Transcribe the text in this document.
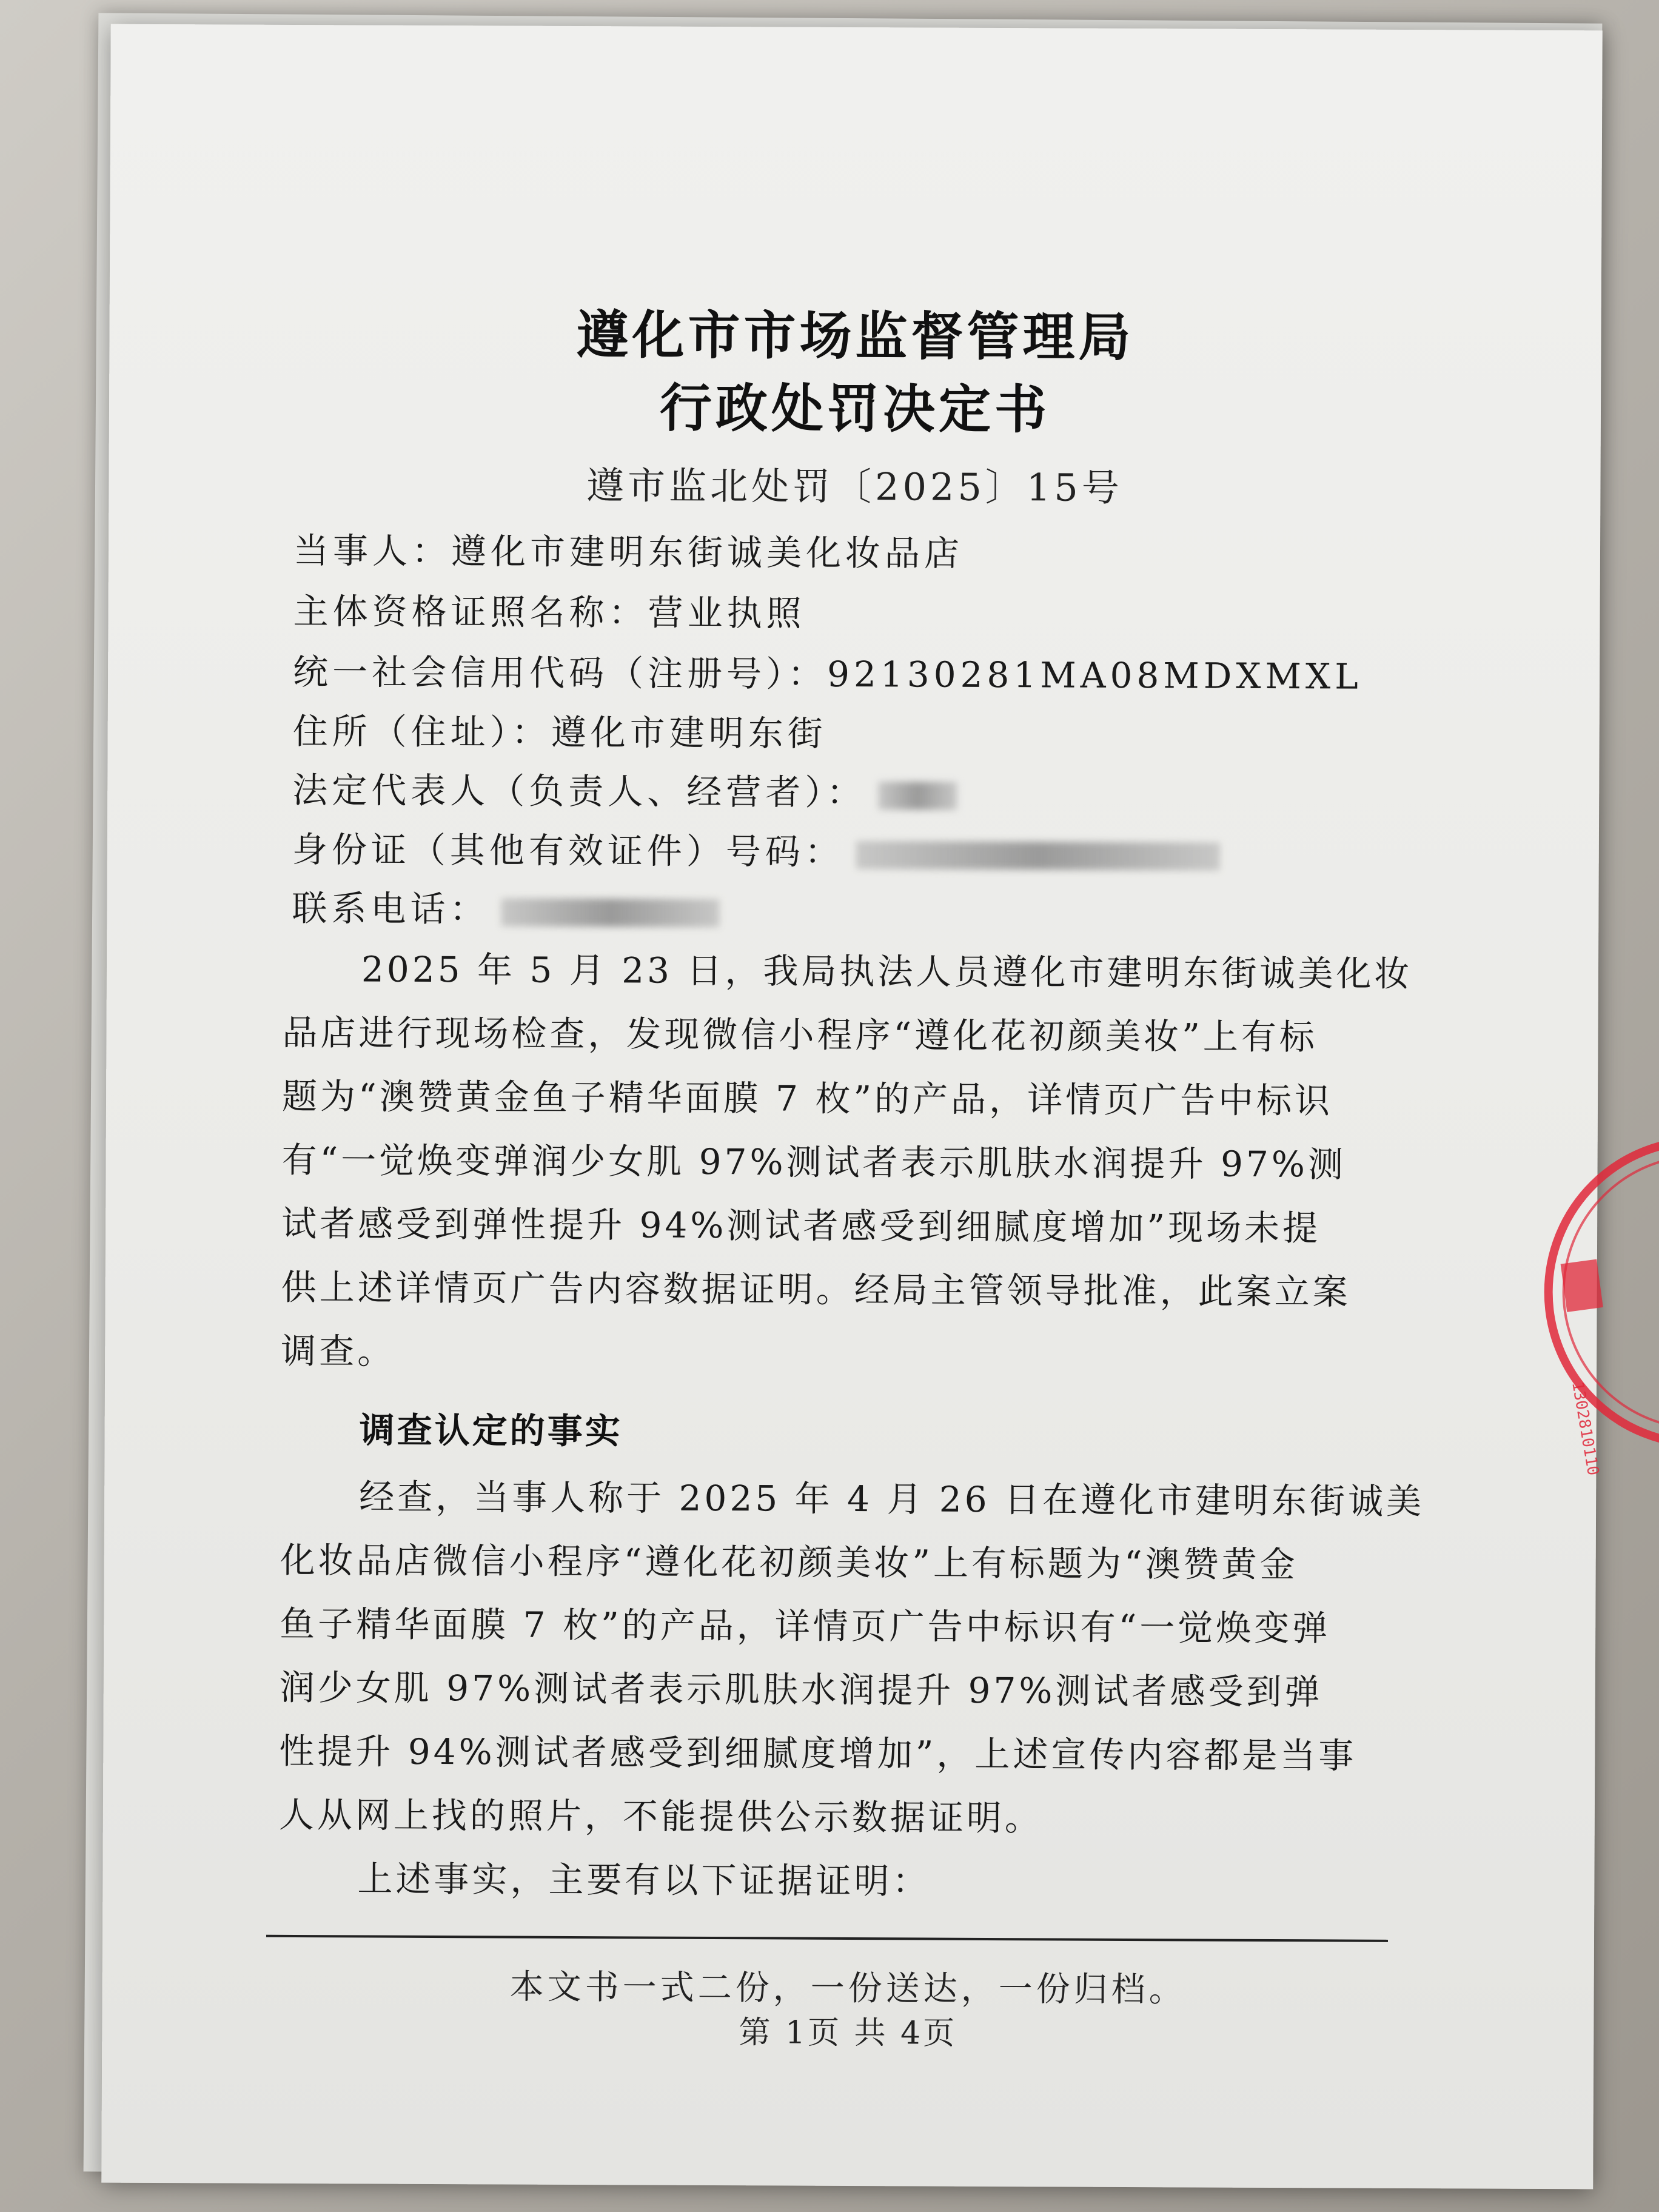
遵化市市场监督管理局
行政处罚决定书
遵市监北处罚〔2025〕15号
当事人：遵化市建明东街诚美化妆品店
主体资格证照名称：营业执照
统一社会信用代码（注册号）：92130281MA08MDXMXL
住所（住址）：遵化市建明东街
法定代表人（负责人、经营者）：
身份证（其他有效证件）号码：
联系电话：
2025 年 5 月 23 日，我局执法人员遵化市建明东街诚美化妆
品店进行现场检查，发现微信小程序“遵化花初颜美妆”上有标
题为“澳赞黄金鱼子精华面膜 7 枚”的产品，详情页广告中标识
有“一觉焕变弹润少女肌 97%测试者表示肌肤水润提升 97%测
试者感受到弹性提升 94%测试者感受到细腻度增加”现场未提
供上述详情页广告内容数据证明。经局主管领导批准，此案立案
调查。
调查认定的事实
经查，当事人称于 2025 年 4 月 26 日在遵化市建明东街诚美
化妆品店微信小程序“遵化花初颜美妆”上有标题为“澳赞黄金
鱼子精华面膜 7 枚”的产品，详情页广告中标识有“一觉焕变弹
润少女肌 97%测试者表示肌肤水润提升 97%测试者感受到弹
性提升 94%测试者感受到细腻度增加”，上述宣传内容都是当事
人从网上找的照片，不能提供公示数据证明。
上述事实，主要有以下证据证明：
本文书一式二份，一份送达，一份归档。
第 1页 共 4页
1302810110
